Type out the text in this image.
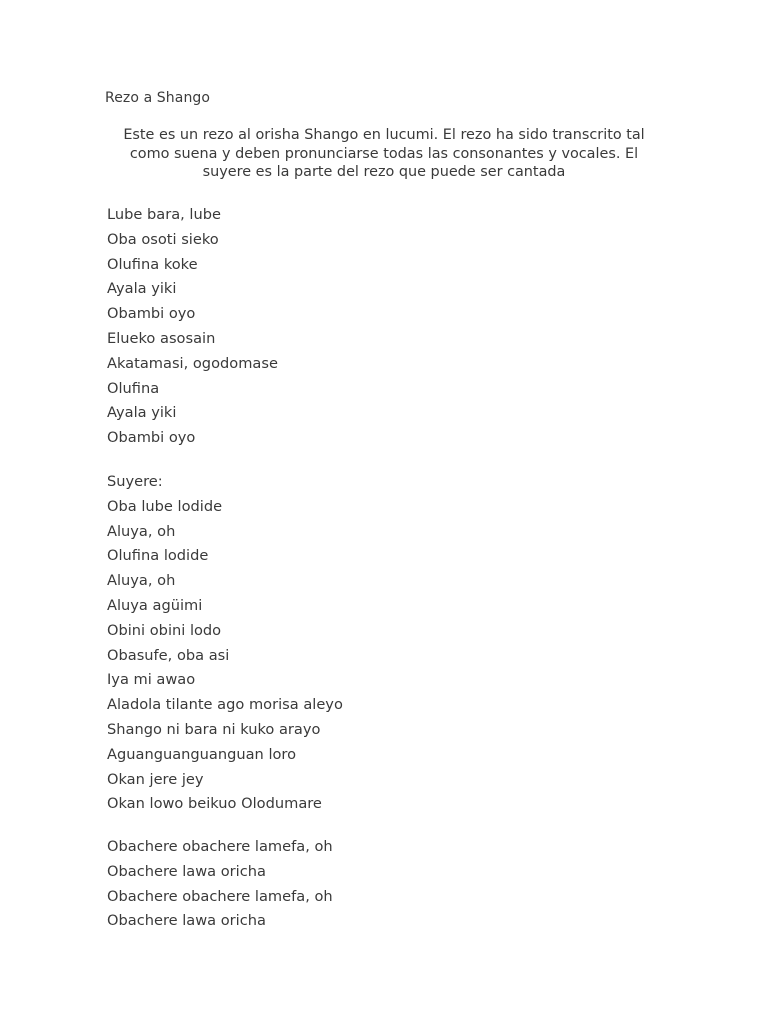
Rezo a Shango
Este es un rezo al orisha Shango en lucumi. El rezo ha sido transcrito tal
como suena y deben pronunciarse todas las consonantes y vocales. El
suyere es la parte del rezo que puede ser cantada
Lube bara, lube
Oba osoti sieko
Olufina koke
Ayala yiki
Obambi oyo
Elueko asosain
Akatamasi, ogodomase
Olufina
Ayala yiki
Obambi oyo
Suyere:
Oba lube lodide
Aluya, oh
Olufina lodide
Aluya, oh
Aluya agüimi
Obini obini lodo
Obasufe, oba asi
Iya mi awao
Aladola tilante ago morisa aleyo
Shango ni bara ni kuko arayo
Aguanguanguanguan loro
Okan jere jey
Okan lowo beikuo Olodumare
Obachere obachere lamefa, oh
Obachere lawa oricha
Obachere obachere lamefa, oh
Obachere lawa oricha
